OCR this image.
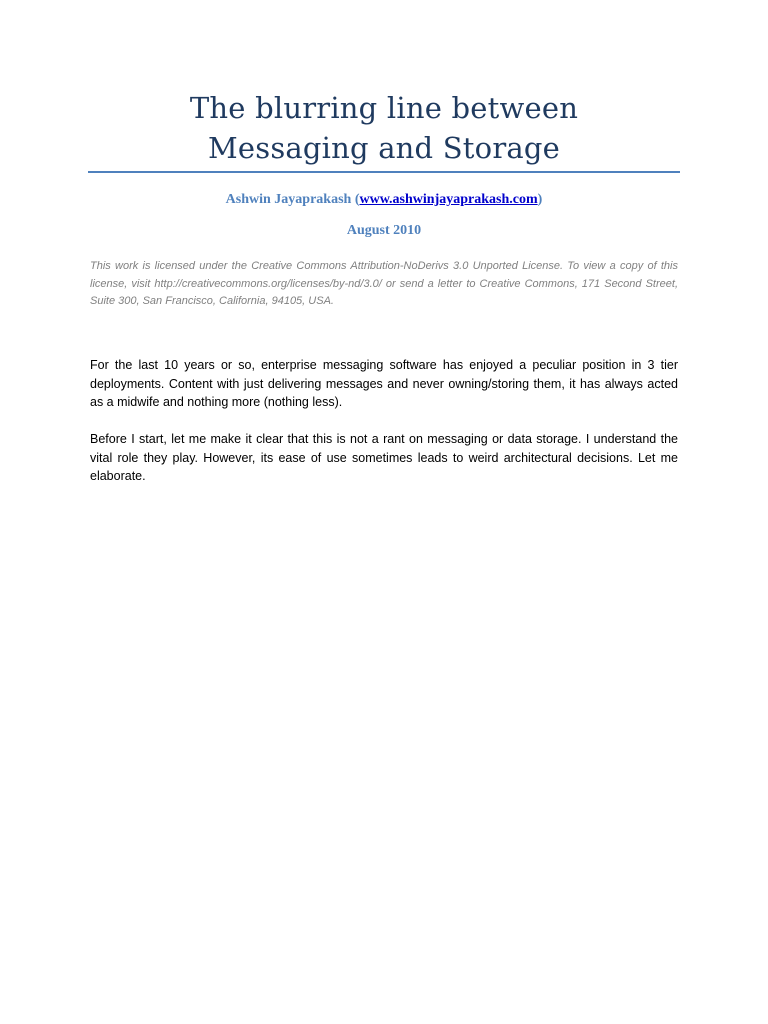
The blurring line between
Messaging and Storage
Ashwin Jayaprakash (www.ashwinjayaprakash.com)
August 2010
This work is licensed under the Creative Commons Attribution-NoDerivs 3.0 Unported License. To view a copy of this license, visit http://creativecommons.org/licenses/by-nd/3.0/ or send a letter to Creative Commons, 171 Second Street, Suite 300, San Francisco, California, 94105, USA.
For the last 10 years or so, enterprise messaging software has enjoyed a peculiar position in 3 tier deployments. Content with just delivering messages and never owning/storing them, it has always acted as a midwife and nothing more (nothing less).
Before I start, let me make it clear that this is not a rant on messaging or data storage. I understand the vital role they play. However, its ease of use sometimes leads to weird architectural decisions. Let me elaborate.
